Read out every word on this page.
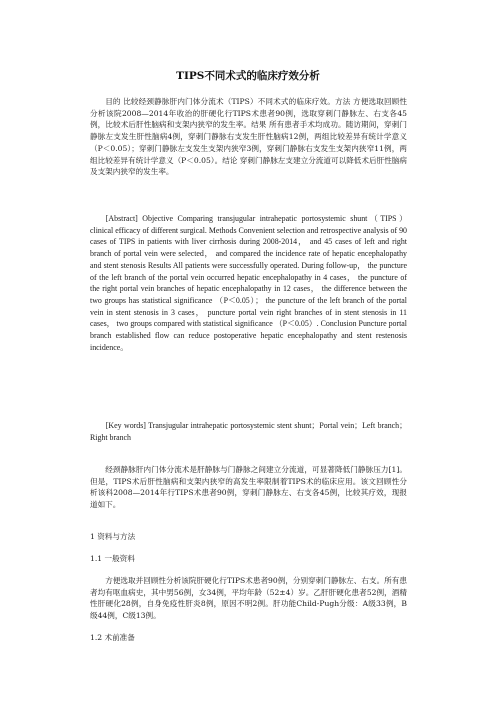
TIPS不同术式的临床疗效分析

目的 比较经颈静脉肝内门体分流术（TIPS）不同术式的临床疗效。方法 方便选取回顾性分析该院2008—2014年收治的肝硬化行TIPS术患者90例，选取穿刺门静脉左、右支各45例，比较术后肝性脑病和支架内狭窄的发生率。结果 所有患者手术均成功。随访期间，穿刺门静脉左支发生肝性脑病4例，穿刺门静脉右支发生肝性脑病12例，两组比较差异有统计学意义（P＜0.05）；穿刺门静脉左支发生支架内狭窄3例，穿刺门静脉右支发生支架内狭窄11例，两组比较差异有统计学意义（P＜0.05）。结论 穿刺门静脉左支建立分流道可以降低术后肝性脑病及支架内狭窄的发生率。

[Abstract] Objective Comparing transjugular intrahepatic portosystemic shunt（TIPS） clinical efficacy of different surgical. Methods Convenient selection and retrospective analysis of 90 cases of TIPS in patients with liver cirrhosis during 2008-2014， and 45 cases of left and right branch of portal vein were selected， and compared the incidence rate of hepatic encephalopathy and stent stenosis Results All patients were successfully operated. During follow-up， the puncture of the left branch of the portal vein occurred hepatic encephalopathy in 4 cases， the puncture of the right portal vein branches of hepatic encephalopathy in 12 cases， the difference between the two groups has statistical significance （P＜0.05）； the puncture of the left branch of the portal vein in stent stenosis in 3 cases， puncture portal vein right branches of in stent stenosis in 11 cases， two groups compared with statistical significance （P＜0.05）. Conclusion Puncture portal branch established flow can reduce postoperative hepatic encephalopathy and stent restenosis incidence。

[Key words] Transjugular intrahepatic portosystemic stent shunt；Portal vein；Left branch；Right branch

经颈静脉肝内门体分流术是肝静脉与门静脉之间建立分流道，可显著降低门静脉压力[1]。但是，TIPS术后肝性脑病和支架内狭窄的高发生率限制着TIPS术的临床应用。该文回顾性分析该科2008—2014年行TIPS术患者90例，穿刺门静脉左、右支各45例，比较其疗效，现报道如下。

1 资料与方法

1.1 一般资料

方便选取并回顾性分析该院肝硬化行TIPS术患者90例，分别穿刺门静脉左、右支。所有患者均有呕血病史，其中男56例，女34例，平均年龄（52±4）岁。乙肝肝硬化患者52例，酒精性肝硬化28例，自身免疫性肝炎8例，原因不明2例。肝功能Child-Pugh分级：A级33例，B级44例，C级13例。

1.2 术前准备
